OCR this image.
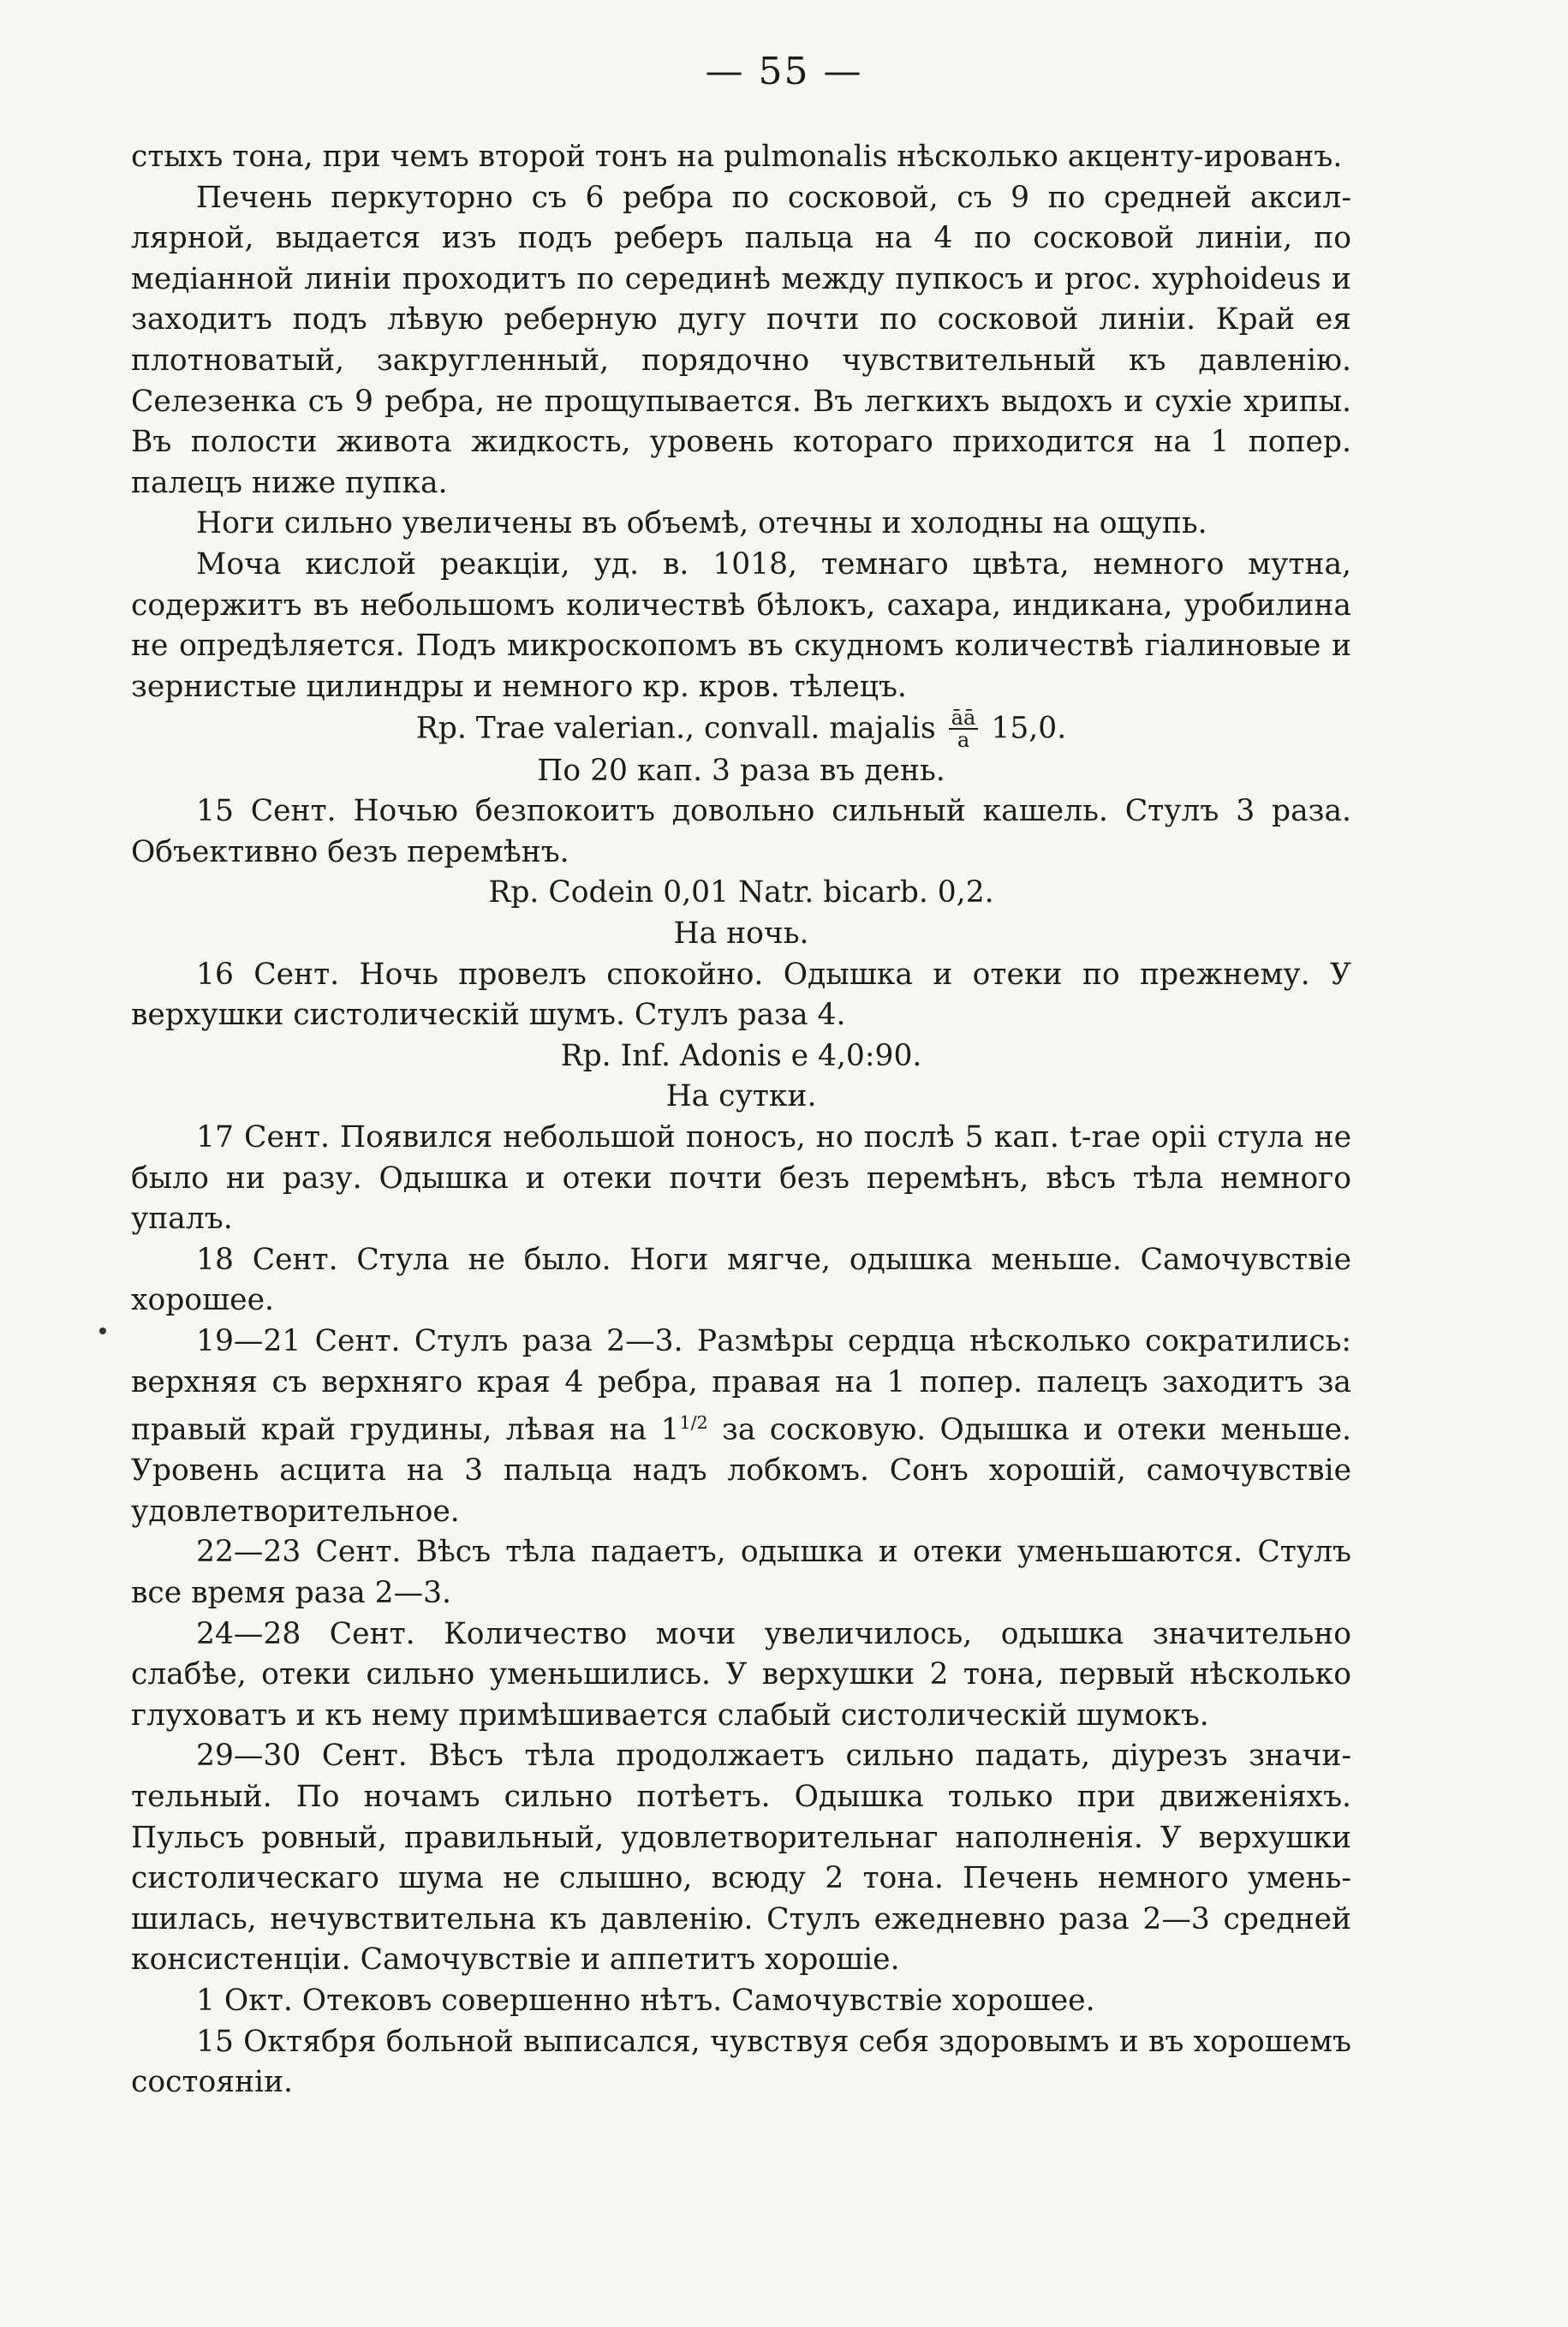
— 55 —

стыхъ тона, при чемъ второй тонъ на pulmonalis нѣсколько акценту-ированъ.

Печень перкуторно съ 6 ребра по сосковой, съ 9 по средней аксиллярной, выдается изъ подъ реберъ пальца на 4 по сосковой линіи, по медіанной линіи проходитъ по серединѣ между пупкосъ и proc. xyphoideus и заходитъ подъ лѣвую реберную дугу почти по сосковой линіи. Край ея плотноватый, закругленный, порядочно чувствительный къ давленію. Селезенка съ 9 ребра, не прощупывается. Въ легкихъ выдохъ и сухіе хрипы. Въ полости живота жидкость, уровень котораго приходится на 1 попер. палецъ ниже пупка.

Ноги сильно увеличены въ объемѣ, отечны и холодны на ощупь.

Моча кислой реакціи, уд. в. 1018, темнаго цвѣта, немного мутна, содержитъ въ небольшомъ количествѣ бѣлокъ, сахара, индикана, уробилина не опредѣляется. Подъ микроскопомъ въ скудномъ количествѣ гіалиновые и зернистые цилиндры и немного кр. кров. тѣлецъ.

Rp. Trae valerian., convall. majalis $\frac{āā}{a} 15,0$.

По 20 кап. 3 раза въ день.

15 Сент. Ночью безпокоитъ довольно сильный кашель. Стулъ 3 раза. Объективно безъ перемѣнъ.

Rp. Codein 0,01 Natr. bicarb. 0,2.

На ночь.

16 Сент. Ночь провелъ спокойно. Одышка и отеки по прежнему. У верхушки систолическій шумъ. Стулъ раза 4.

Rp. Inf. Adonis e 4,0:90.

На сутки.

17 Сент. Появился небольшой поносъ, но послѣ 5 кап. t-rae opii стула не было ни разу. Одышка и отеки почти безъ перемѣнъ, вѣсъ тѣла немного упалъ.

18 Сент. Стула не было. Ноги мягче, одышка меньше. Самочувствіе хорошее.

19—21 Сент. Стулъ раза 2—3. Размѣры сердца нѣсколько сократились: верхняя съ верхняго края 4 ребра, правая на 1 попер. палецъ заходитъ за правый край грудины, лѣвая на $1^{1/2}$ за сосковую. Одышка и отеки меньше. Уровень асцита на 3 пальца надъ лобкомъ. Сонъ хорошій, самочувствіе удовлетворительное.

22—23 Сент. Вѣсъ тѣла падаетъ, одышка и отеки уменьшаются. Стулъ все время раза 2—3.

24—28 Сент. Количество мочи увеличилось, одышка значительно слабѣе, отеки сильно уменьшились. У верхушки 2 тона, первый нѣсколько глуховатъ и къ нему примѣшивается слабый систолическій шумокъ.

29—30 Сент. Вѣсъ тѣла продолжаетъ сильно падать, діурезъ значительный. По ночамъ сильно потѣетъ. Одышка только при движеніяхъ. Пульсъ ровный, правильный, удовлетворительнаг наполненія. У верхушки систолическаго шума не слышно, всюду 2 тона. Печень немного уменьшилась, нечувствительна къ давленію. Стулъ ежедневно раза 2—3 средней консистенціи. Самочувствіе и аппетитъ хорошіе.

1 Окт. Отековъ совершенно нѣтъ. Самочувствіе хорошее.

15 Октября больной выписался, чувствуя себя здоровымъ и въ хорошемъ состояніи.
